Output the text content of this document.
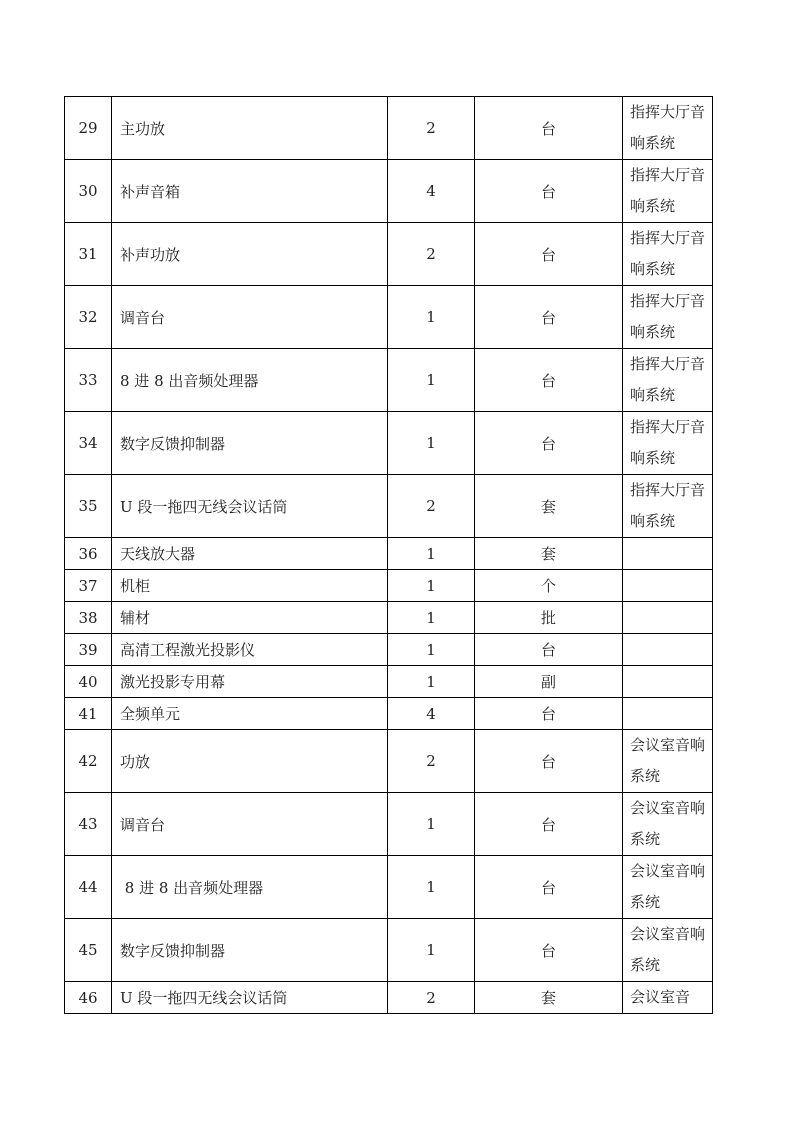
29	主功放	2	台	指挥大厅音响系统
30	补声音箱	4	台	指挥大厅音响系统
31	补声功放	2	台	指挥大厅音响系统
32	调音台	1	台	指挥大厅音响系统
33	8 进 8 出音频处理器	1	台	指挥大厅音响系统
34	数字反馈抑制器	1	台	指挥大厅音响系统
35	U 段一拖四无线会议话筒	2	套	指挥大厅音响系统
36	天线放大器	1	套	
37	机柜	1	个	
38	辅材	1	批	
39	高清工程激光投影仪	1	台	
40	激光投影专用幕	1	副	
41	全频单元	4	台	
42	功放	2	台	会议室音响系统
43	调音台	1	台	会议室音响系统
44	8 进 8 出音频处理器	1	台	会议室音响系统
45	数字反馈抑制器	1	台	会议室音响系统
46	U 段一拖四无线会议话筒	2	套	会议室音
